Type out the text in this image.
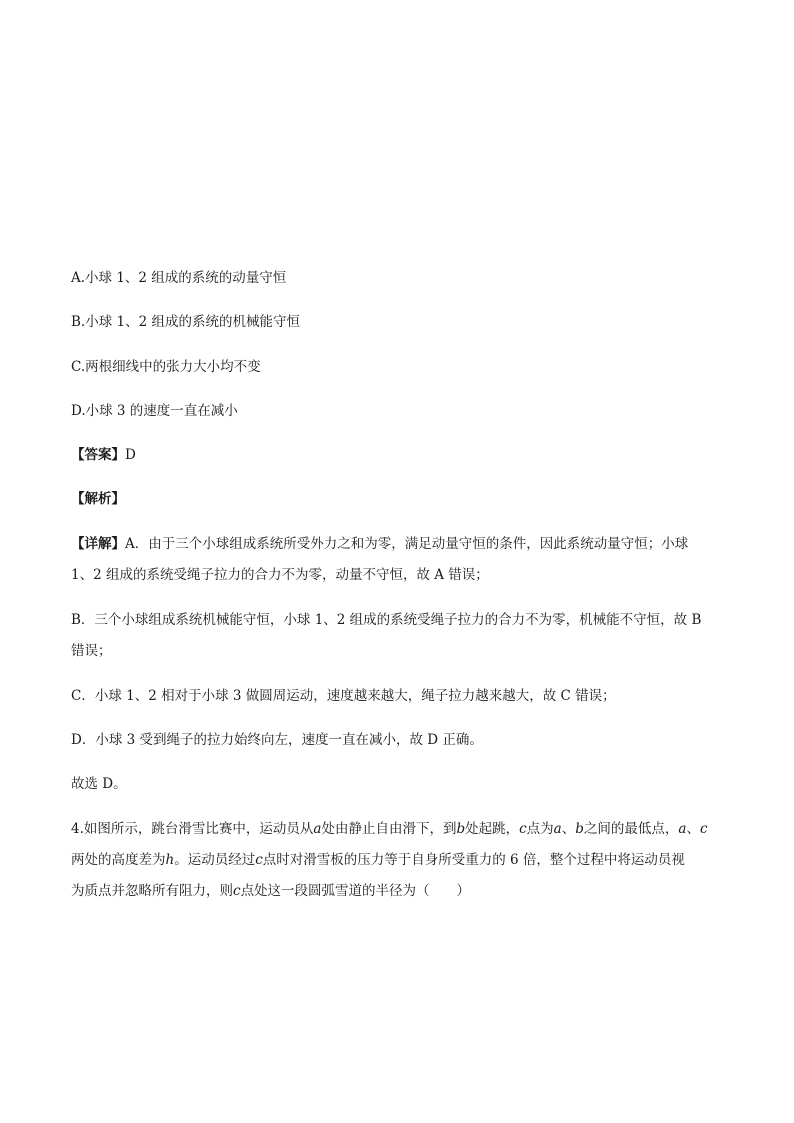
A.小球 1、2 组成的系统的动量守恒
B.小球 1、2 组成的系统的机械能守恒
C.两根细线中的张力大小均不变
D.小球 3 的速度一直在减小
【答案】D
【解析】
【详解】A．由于三个小球组成系统所受外力之和为零，满足动量守恒的条件，因此系统动量守恒；小球
1、2 组成的系统受绳子拉力的合力不为零，动量不守恒，故 A 错误；
B．三个小球组成系统机械能守恒，小球 1、2 组成的系统受绳子拉力的合力不为零，机械能不守恒，故 B
错误；
C．小球 1、2 相对于小球 3 做圆周运动，速度越来越大，绳子拉力越来越大，故 C 错误；
D．小球 3 受到绳子的拉力始终向左，速度一直在减小，故 D 正确。
故选 D。
4.如图所示，跳台滑雪比赛中，运动员从a处由静止自由滑下，到b处起跳，c点为a、b之间的最低点，a、c
两处的高度差为h。运动员经过c点时对滑雪板的压力等于自身所受重力的 6 倍，整个过程中将运动员视
为质点并忽略所有阻力，则c点处这一段圆弧雪道的半径为（　　）
